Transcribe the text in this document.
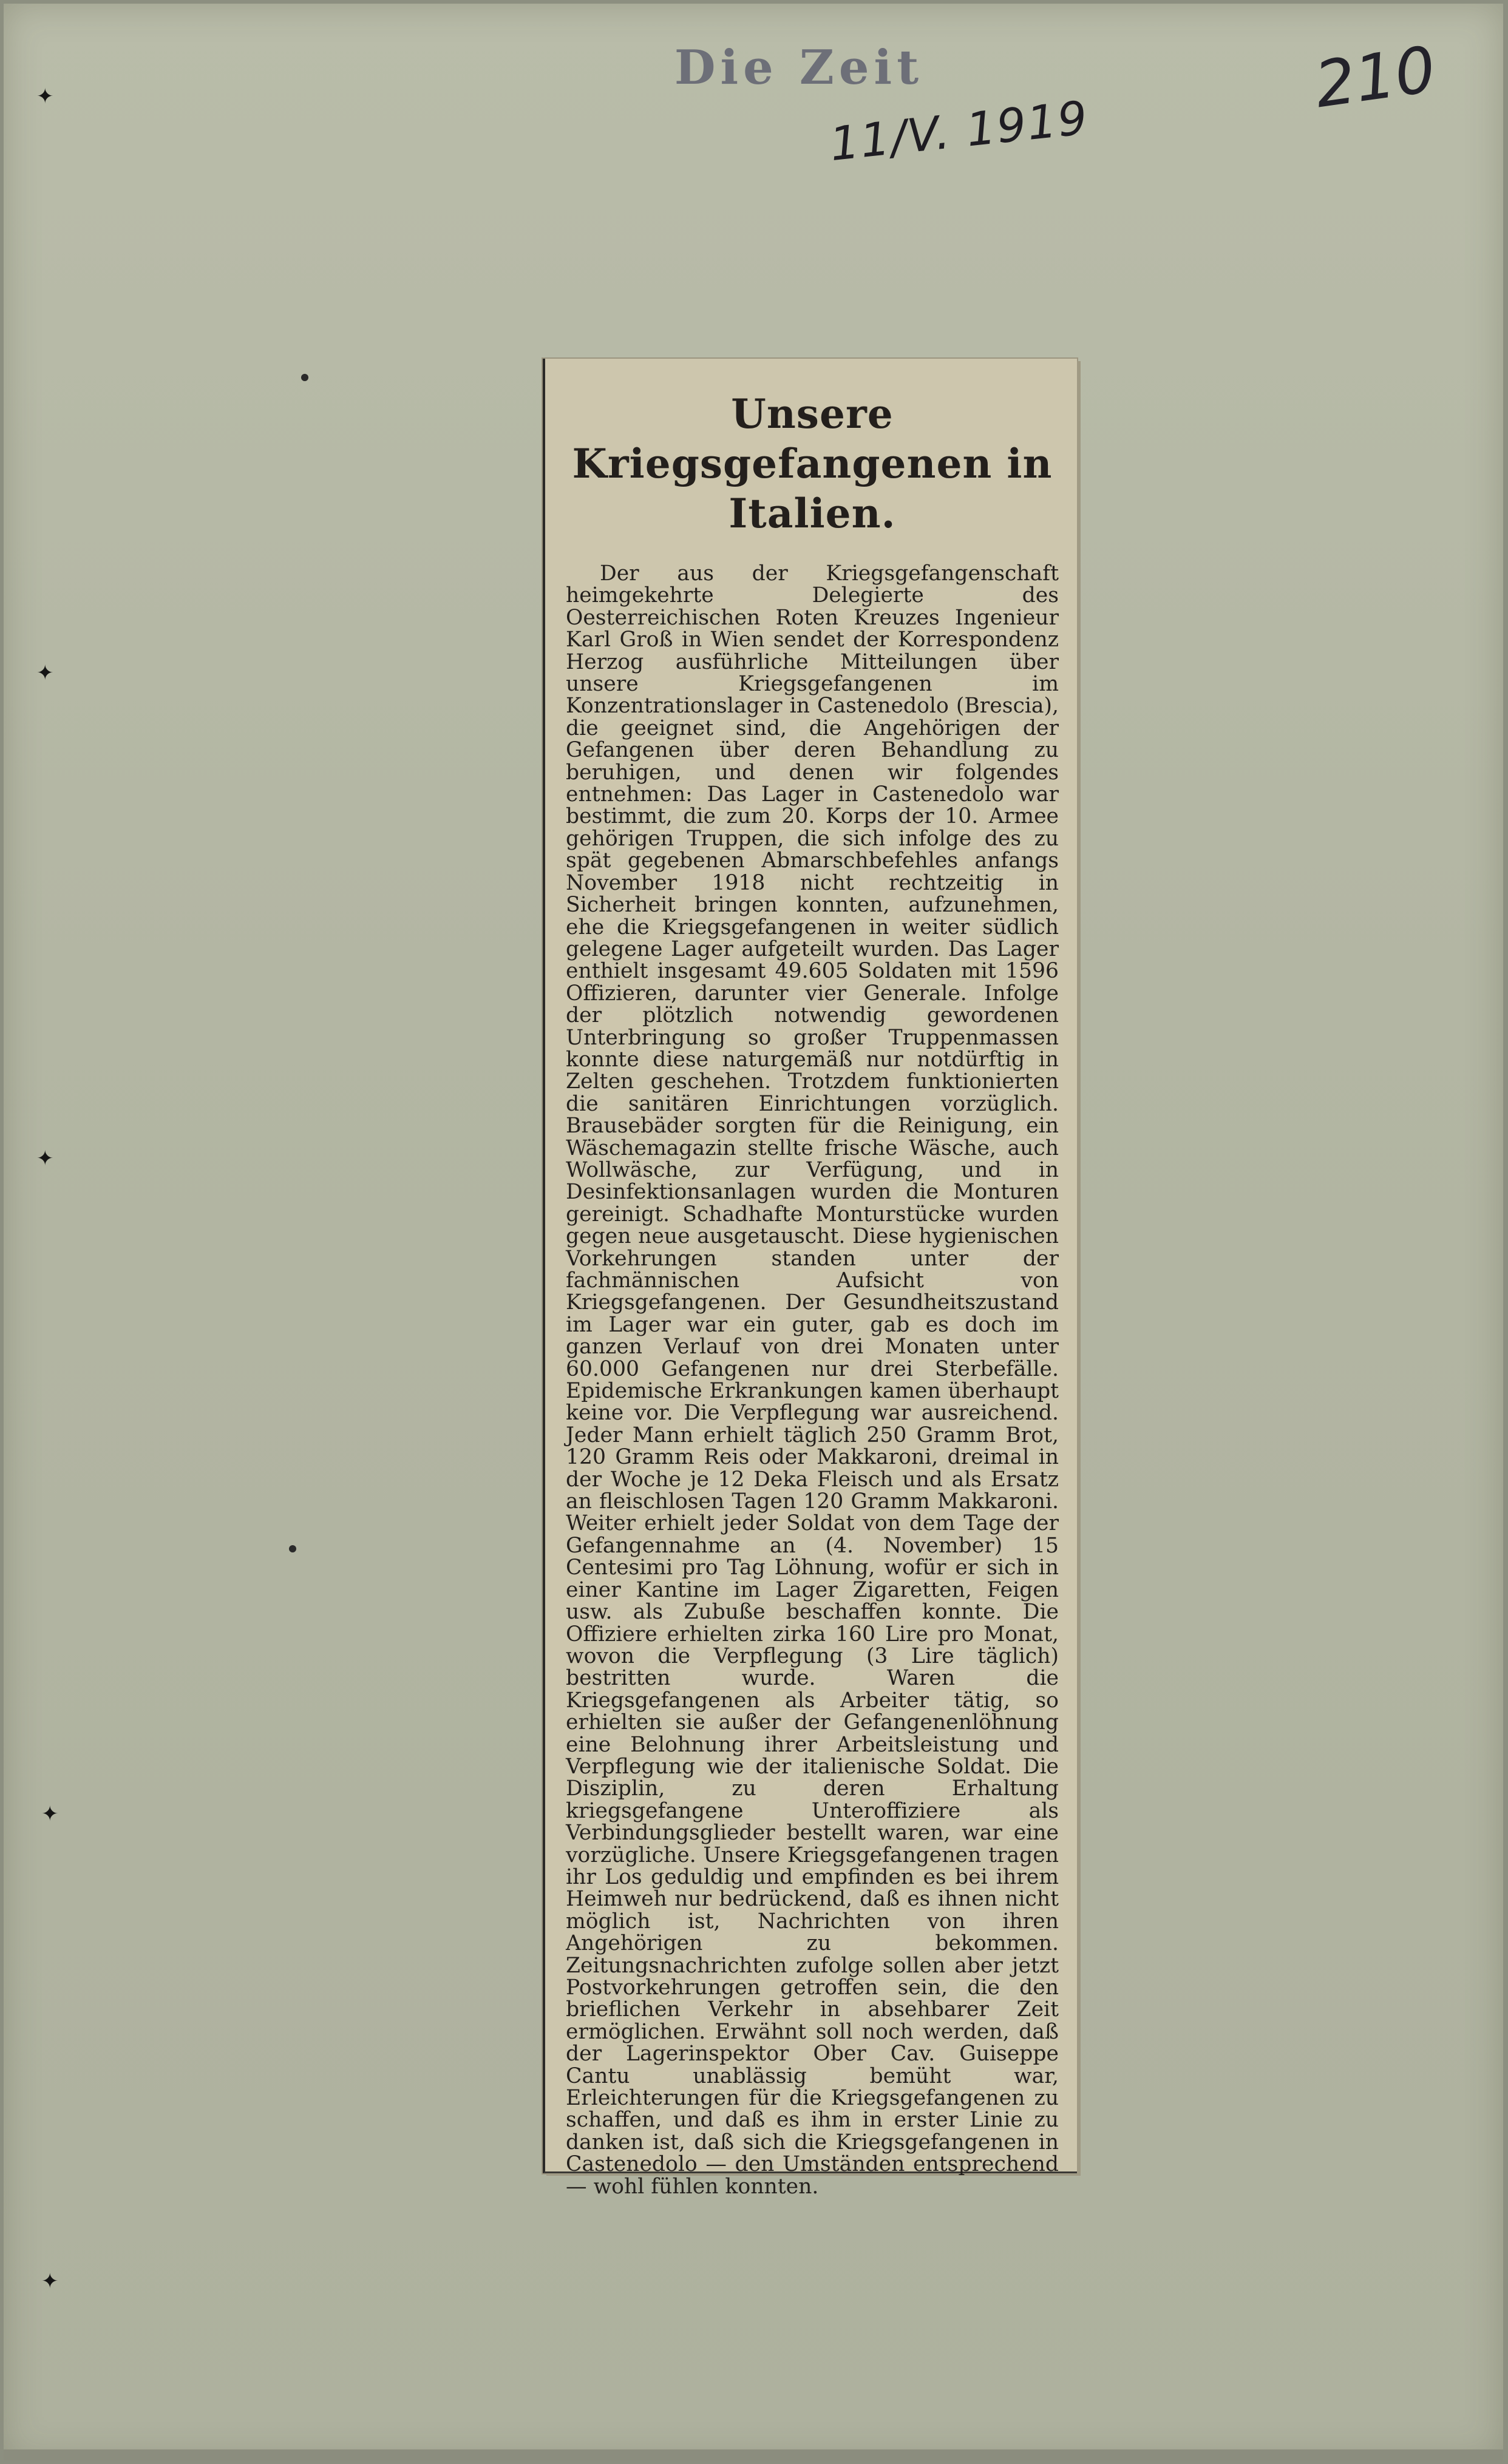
Die Zeit
11/V. 1919
210
✦
✦
✦
✦
✦
Unsere Kriegsgefangenen in Italien.

Der aus der Kriegsgefangenschaft heimgekehrte Delegierte des Oesterreichischen Roten Kreuzes Ingenieur Karl Groß in Wien sendet der Korrespondenz Herzog ausführliche Mitteilungen über unsere Kriegsgefangenen im Konzentrationslager in Castenedolo (Brescia), die geeignet sind, die Angehörigen der Gefangenen über deren Behandlung zu beruhigen, und denen wir folgendes entnehmen: Das Lager in Castenedolo war bestimmt, die zum 20. Korps der 10. Armee gehörigen Truppen, die sich infolge des zu spät gegebenen Abmarschbefehles anfangs November 1918 nicht rechtzeitig in Sicherheit bringen konnten, aufzunehmen, ehe die Kriegsgefangenen in weiter südlich gelegene Lager aufgeteilt wurden. Das Lager enthielt insgesamt 49.605 Soldaten mit 1596 Offizieren, darunter vier Generale. Infolge der plötzlich notwendig gewordenen Unterbringung so großer Truppenmassen konnte diese naturgemäß nur notdürftig in Zelten geschehen. Trotzdem funktionierten die sanitären Einrichtungen vorzüglich. Brausebäder sorgten für die Reinigung, ein Wäschemagazin stellte frische Wäsche, auch Wollwäsche, zur Verfügung, und in Desinfektionsanlagen wurden die Monturen gereinigt. Schadhafte Monturstücke wurden gegen neue ausgetauscht. Diese hygienischen Vorkehrungen standen unter der fachmännischen Aufsicht von Kriegsgefangenen. Der Gesundheitszustand im Lager war ein guter, gab es doch im ganzen Verlauf von drei Monaten unter 60.000 Gefangenen nur drei Sterbefälle. Epidemische Erkrankungen kamen überhaupt keine vor. Die Verpflegung war ausreichend. Jeder Mann erhielt täglich 250 Gramm Brot, 120 Gramm Reis oder Makkaroni, dreimal in der Woche je 12 Deka Fleisch und als Ersatz an fleischlosen Tagen 120 Gramm Makkaroni. Weiter erhielt jeder Soldat von dem Tage der Gefangennahme an (4. November) 15 Centesimi pro Tag Löhnung, wofür er sich in einer Kantine im Lager Zigaretten, Feigen usw. als Zubuße beschaffen konnte. Die Offiziere erhielten zirka 160 Lire pro Monat, wovon die Verpflegung (3 Lire täglich) bestritten wurde. Waren die Kriegsgefangenen als Arbeiter tätig, so erhielten sie außer der Gefangenenlöhnung eine Belohnung ihrer Arbeitsleistung und Verpflegung wie der italienische Soldat. Die Disziplin, zu deren Erhaltung kriegsgefangene Unteroffiziere als Verbindungsglieder bestellt waren, war eine vorzügliche. Unsere Kriegsgefangenen tragen ihr Los geduldig und empfinden es bei ihrem Heimweh nur bedrückend, daß es ihnen nicht möglich ist, Nachrichten von ihren Angehörigen zu bekommen. Zeitungsnachrichten zufolge sollen aber jetzt Postvorkehrungen getroffen sein, die den brieflichen Verkehr in absehbarer Zeit ermöglichen. Erwähnt soll noch werden, daß der Lagerinspektor Ober Cav. Guiseppe Cantu unablässig bemüht war, Erleichterungen für die Kriegsgefangenen zu schaffen, und daß es ihm in erster Linie zu danken ist, daß sich die Kriegsgefangenen in Castenedolo — den Umständen entsprechend — wohl fühlen konnten.
